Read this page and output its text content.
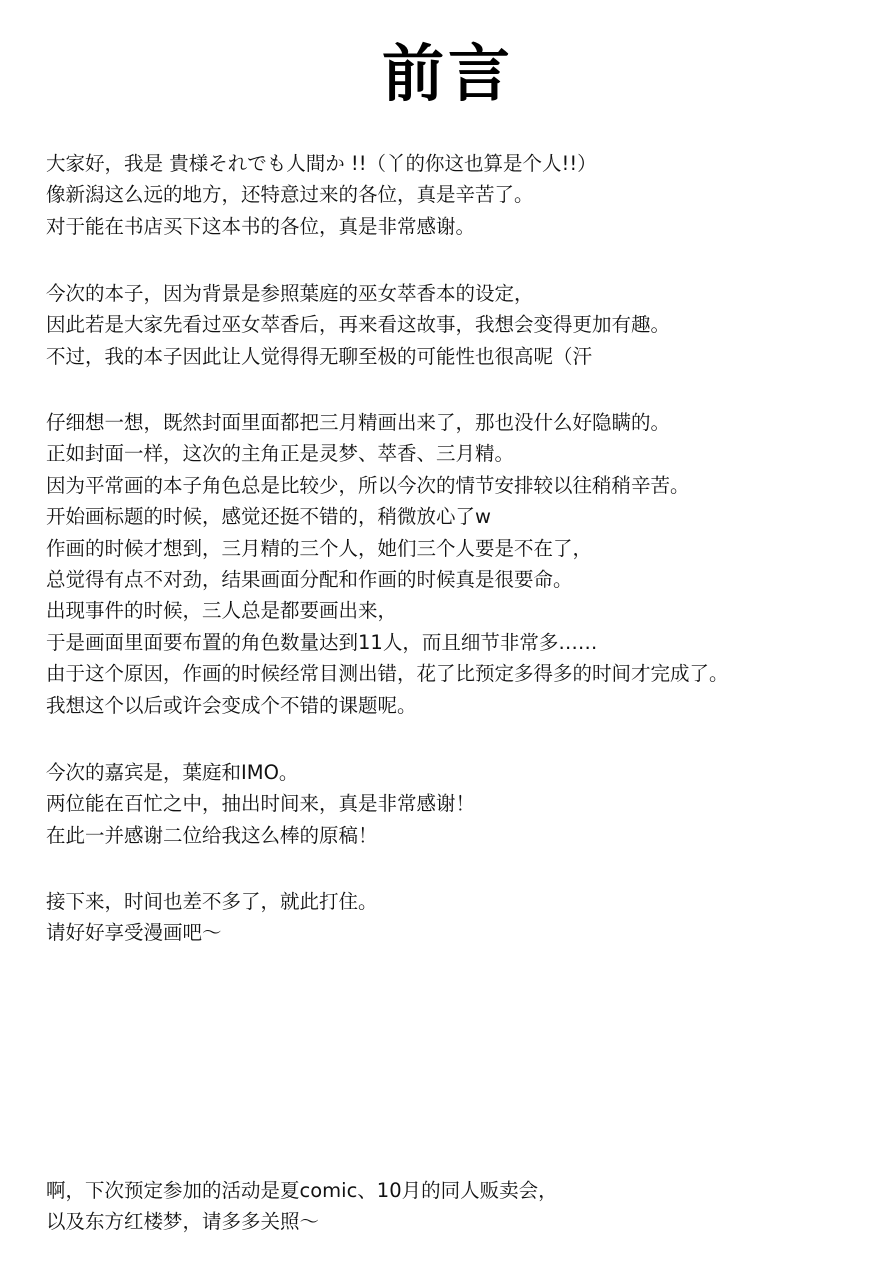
前言
大家好，我是 貴様それでも人間か !!（丫的你这也算是个人!!）
像新潟这么远的地方，还特意过来的各位，真是辛苦了。
对于能在书店买下这本书的各位，真是非常感谢。
今次的本子，因为背景是参照葉庭的巫女萃香本的设定，
因此若是大家先看过巫女萃香后，再来看这故事，我想会变得更加有趣。
不过，我的本子因此让人觉得得无聊至极的可能性也很高呢（汗
仔细想一想，既然封面里面都把三月精画出来了，那也没什么好隐瞒的。
正如封面一样，这次的主角正是灵梦、萃香、三月精。
因为平常画的本子角色总是比较少，所以今次的情节安排较以往稍稍辛苦。
开始画标题的时候，感觉还挺不错的，稍微放心了w
作画的时候才想到，三月精的三个人，她们三个人要是不在了，
总觉得有点不对劲，结果画面分配和作画的时候真是很要命。
出现事件的时候，三人总是都要画出来，
于是画面里面要布置的角色数量达到11人，而且细节非常多……
由于这个原因，作画的时候经常目测出错，花了比预定多得多的时间才完成了。
我想这个以后或许会变成个不错的课题呢。
今次的嘉宾是，葉庭和IMO。
两位能在百忙之中，抽出时间来，真是非常感谢！
在此一并感谢二位给我这么棒的原稿！
接下来，时间也差不多了，就此打住。
请好好享受漫画吧～
啊，下次预定参加的活动是夏comic、10月的同人贩卖会，
以及东方红楼梦，请多多关照～
